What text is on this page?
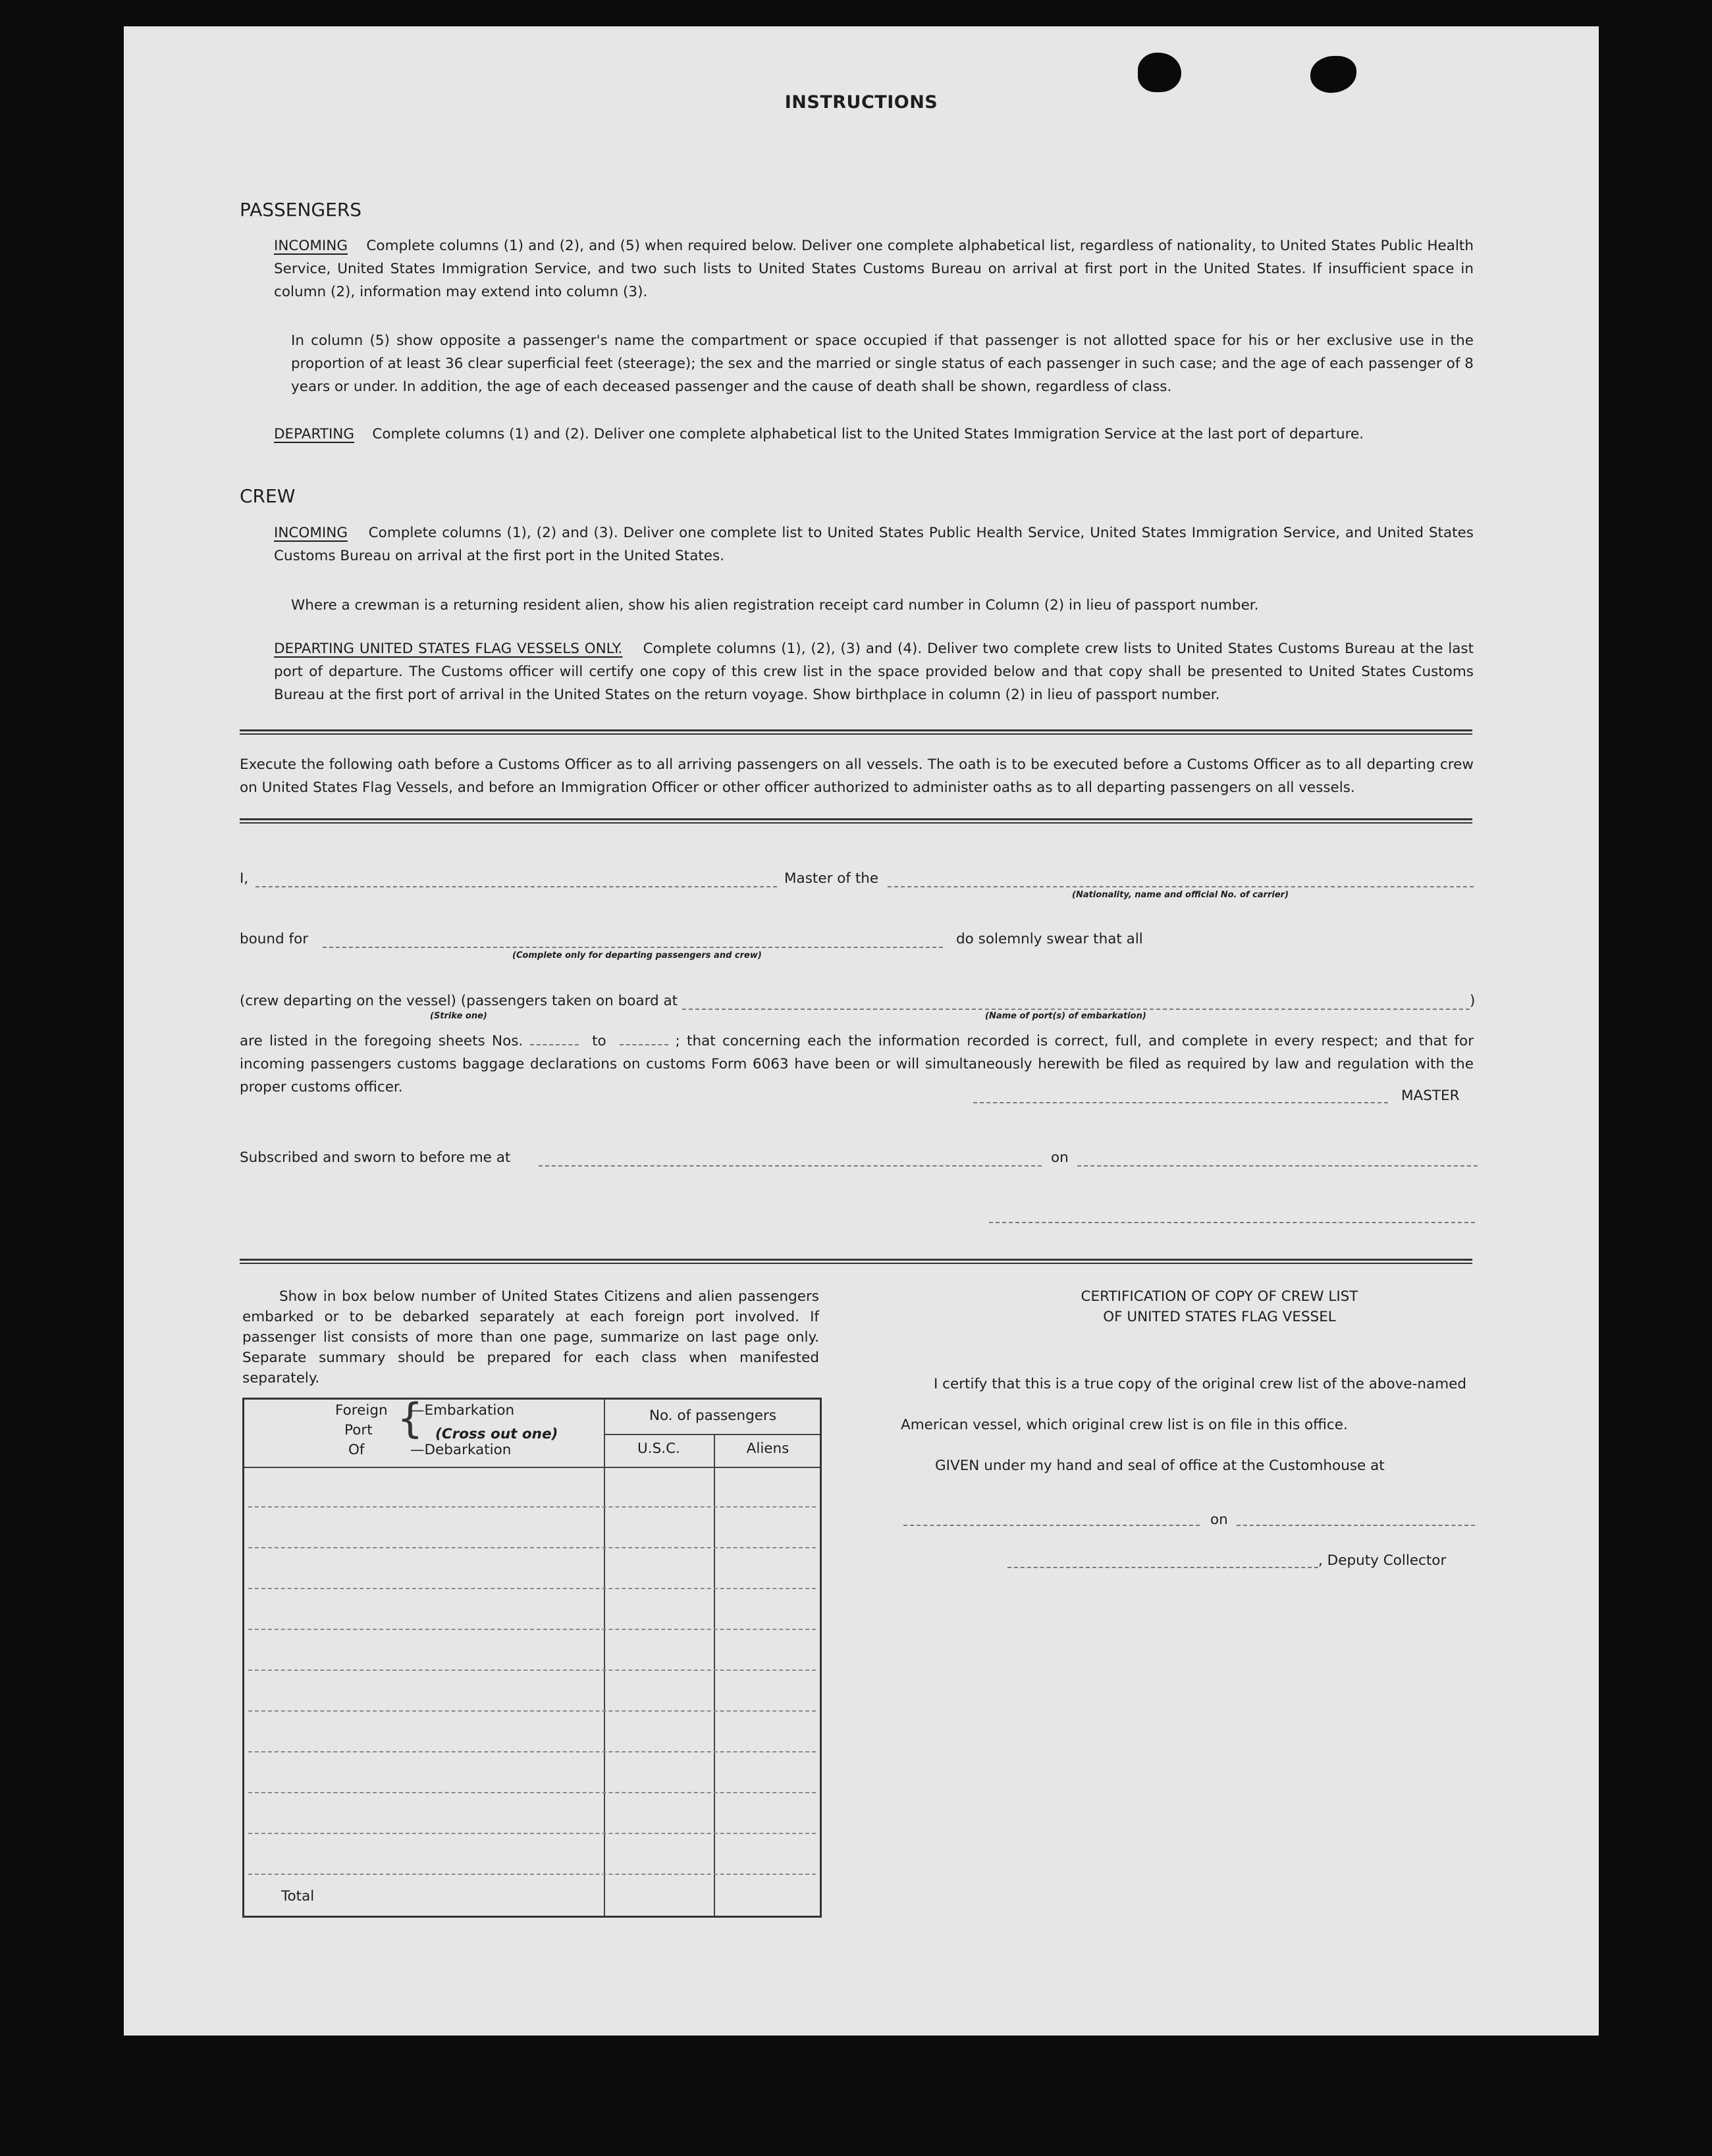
INSTRUCTIONS
PASSENGERS
INCOMING Complete columns (1) and (2), and (5) when required below. Deliver one complete alphabetical list, regardless of nationality, to United States Public Health Service, United States Immigration Service, and two such lists to United States Customs Bureau on arrival at first port in the United States. If insufficient space in column (2), information may extend into column (3).
In column (5) show opposite a passenger's name the compartment or space occupied if that passenger is not allotted space for his or her exclusive use in the proportion of at least 36 clear superficial feet (steerage); the sex and the married or single status of each passenger in such case; and the age of each passenger of 8 years or under. In addition, the age of each deceased passenger and the cause of death shall be shown, regardless of class.
DEPARTING Complete columns (1) and (2). Deliver one complete alphabetical list to the United States Immigration Service at the last port of departure.
CREW
INCOMING Complete columns (1), (2) and (3). Deliver one complete list to United States Public Health Service, United States Immigration Service, and United States Customs Bureau on arrival at the first port in the United States.
Where a crewman is a returning resident alien, show his alien registration receipt card number in Column (2) in lieu of passport number.
DEPARTING UNITED STATES FLAG VESSELS ONLY. Complete columns (1), (2), (3) and (4). Deliver two complete crew lists to United States Customs Bureau at the last port of departure. The Customs officer will certify one copy of this crew list in the space provided below and that copy shall be presented to United States Customs Bureau at the first port of arrival in the United States on the return voyage. Show birthplace in column (2) in lieu of passport number.
Execute the following oath before a Customs Officer as to all arriving passengers on all vessels. The oath is to be executed before a Customs Officer as to all departing crew on United States Flag Vessels, and before an Immigration Officer or other officer authorized to administer oaths as to all departing passengers on all vessels.
I,	Master of the
(Nationality, name and official No. of carrier)
bound for
(Complete only for departing passengers and crew)
do solemnly swear that all
(crew departing on the vessel) (passengers taken on board at	)
(Strike one)	(Name of port(s) of embarkation)
are listed in the foregoing sheets Nos.	to	; that concerning each the information recorded is correct, full, and complete in every respect; and that for incoming passengers customs baggage declarations on customs Form 6063 have been or will simultaneously herewith be filed as required by law and regulation with the proper customs officer.
MASTER
Subscribed and sworn to before me at	on
Show in box below number of United States Citizens and alien passengers embarked or to be debarked separately at each foreign port involved. If passenger list consists of more than one page, summarize on last page only. Separate summary should be prepared for each class when manifested separately.
Foreign
Port
Of
{
—Embarkation
(Cross out one)
—Debarkation
No. of passengers
U.S.C.	Aliens
Total
CERTIFICATION OF COPY OF CREW LIST
OF UNITED STATES FLAG VESSEL
I certify that this is a true copy of the original crew list of the above-named
American vessel, which original crew list is on file in this office.
GIVEN under my hand and seal of office at the Customhouse at
on
, Deputy Collector
